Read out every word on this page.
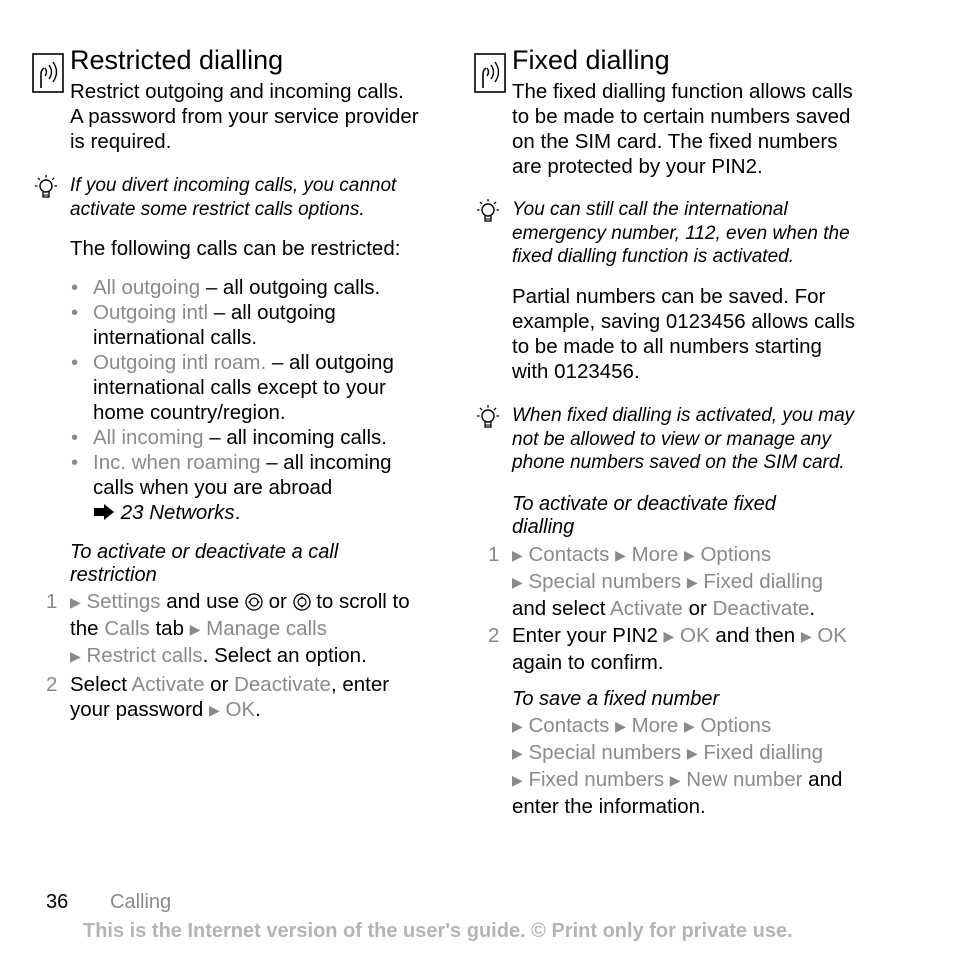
Restricted dialling
Restrict outgoing and incoming calls.
A password from your service provider
is required.
If you divert incoming calls, you cannot
activate some restrict calls options.
The following calls can be restricted:
• All outgoing – all outgoing calls.
• Outgoing intl – all outgoing
international calls.
• Outgoing intl roam. – all outgoing
international calls except to your
home country/region.
• All incoming – all incoming calls.
• Inc. when roaming – all incoming
calls when you are abroad
23 Networks.
To activate or deactivate a call
restriction
1 ▶ Settings and use  or  to scroll to
the Calls tab ▶ Manage calls
▶ Restrict calls. Select an option.
2 Select Activate or Deactivate, enter
your password ▶ OK.
Fixed dialling
The fixed dialling function allows calls
to be made to certain numbers saved
on the SIM card. The fixed numbers
are protected by your PIN2.
You can still call the international
emergency number, 112, even when the
fixed dialling function is activated.
Partial numbers can be saved. For
example, saving 0123456 allows calls
to be made to all numbers starting
with 0123456.
When fixed dialling is activated, you may
not be allowed to view or manage any
phone numbers saved on the SIM card.
To activate or deactivate fixed
dialling
1 ▶ Contacts ▶ More ▶ Options
▶ Special numbers ▶ Fixed dialling
and select Activate or Deactivate.
2 Enter your PIN2 ▶ OK and then ▶ OK
again to confirm.
To save a fixed number
▶ Contacts ▶ More ▶ Options
▶ Special numbers ▶ Fixed dialling
▶ Fixed numbers ▶ New number and
enter the information.
36 Calling
This is the Internet version of the user's guide. © Print only for private use.
